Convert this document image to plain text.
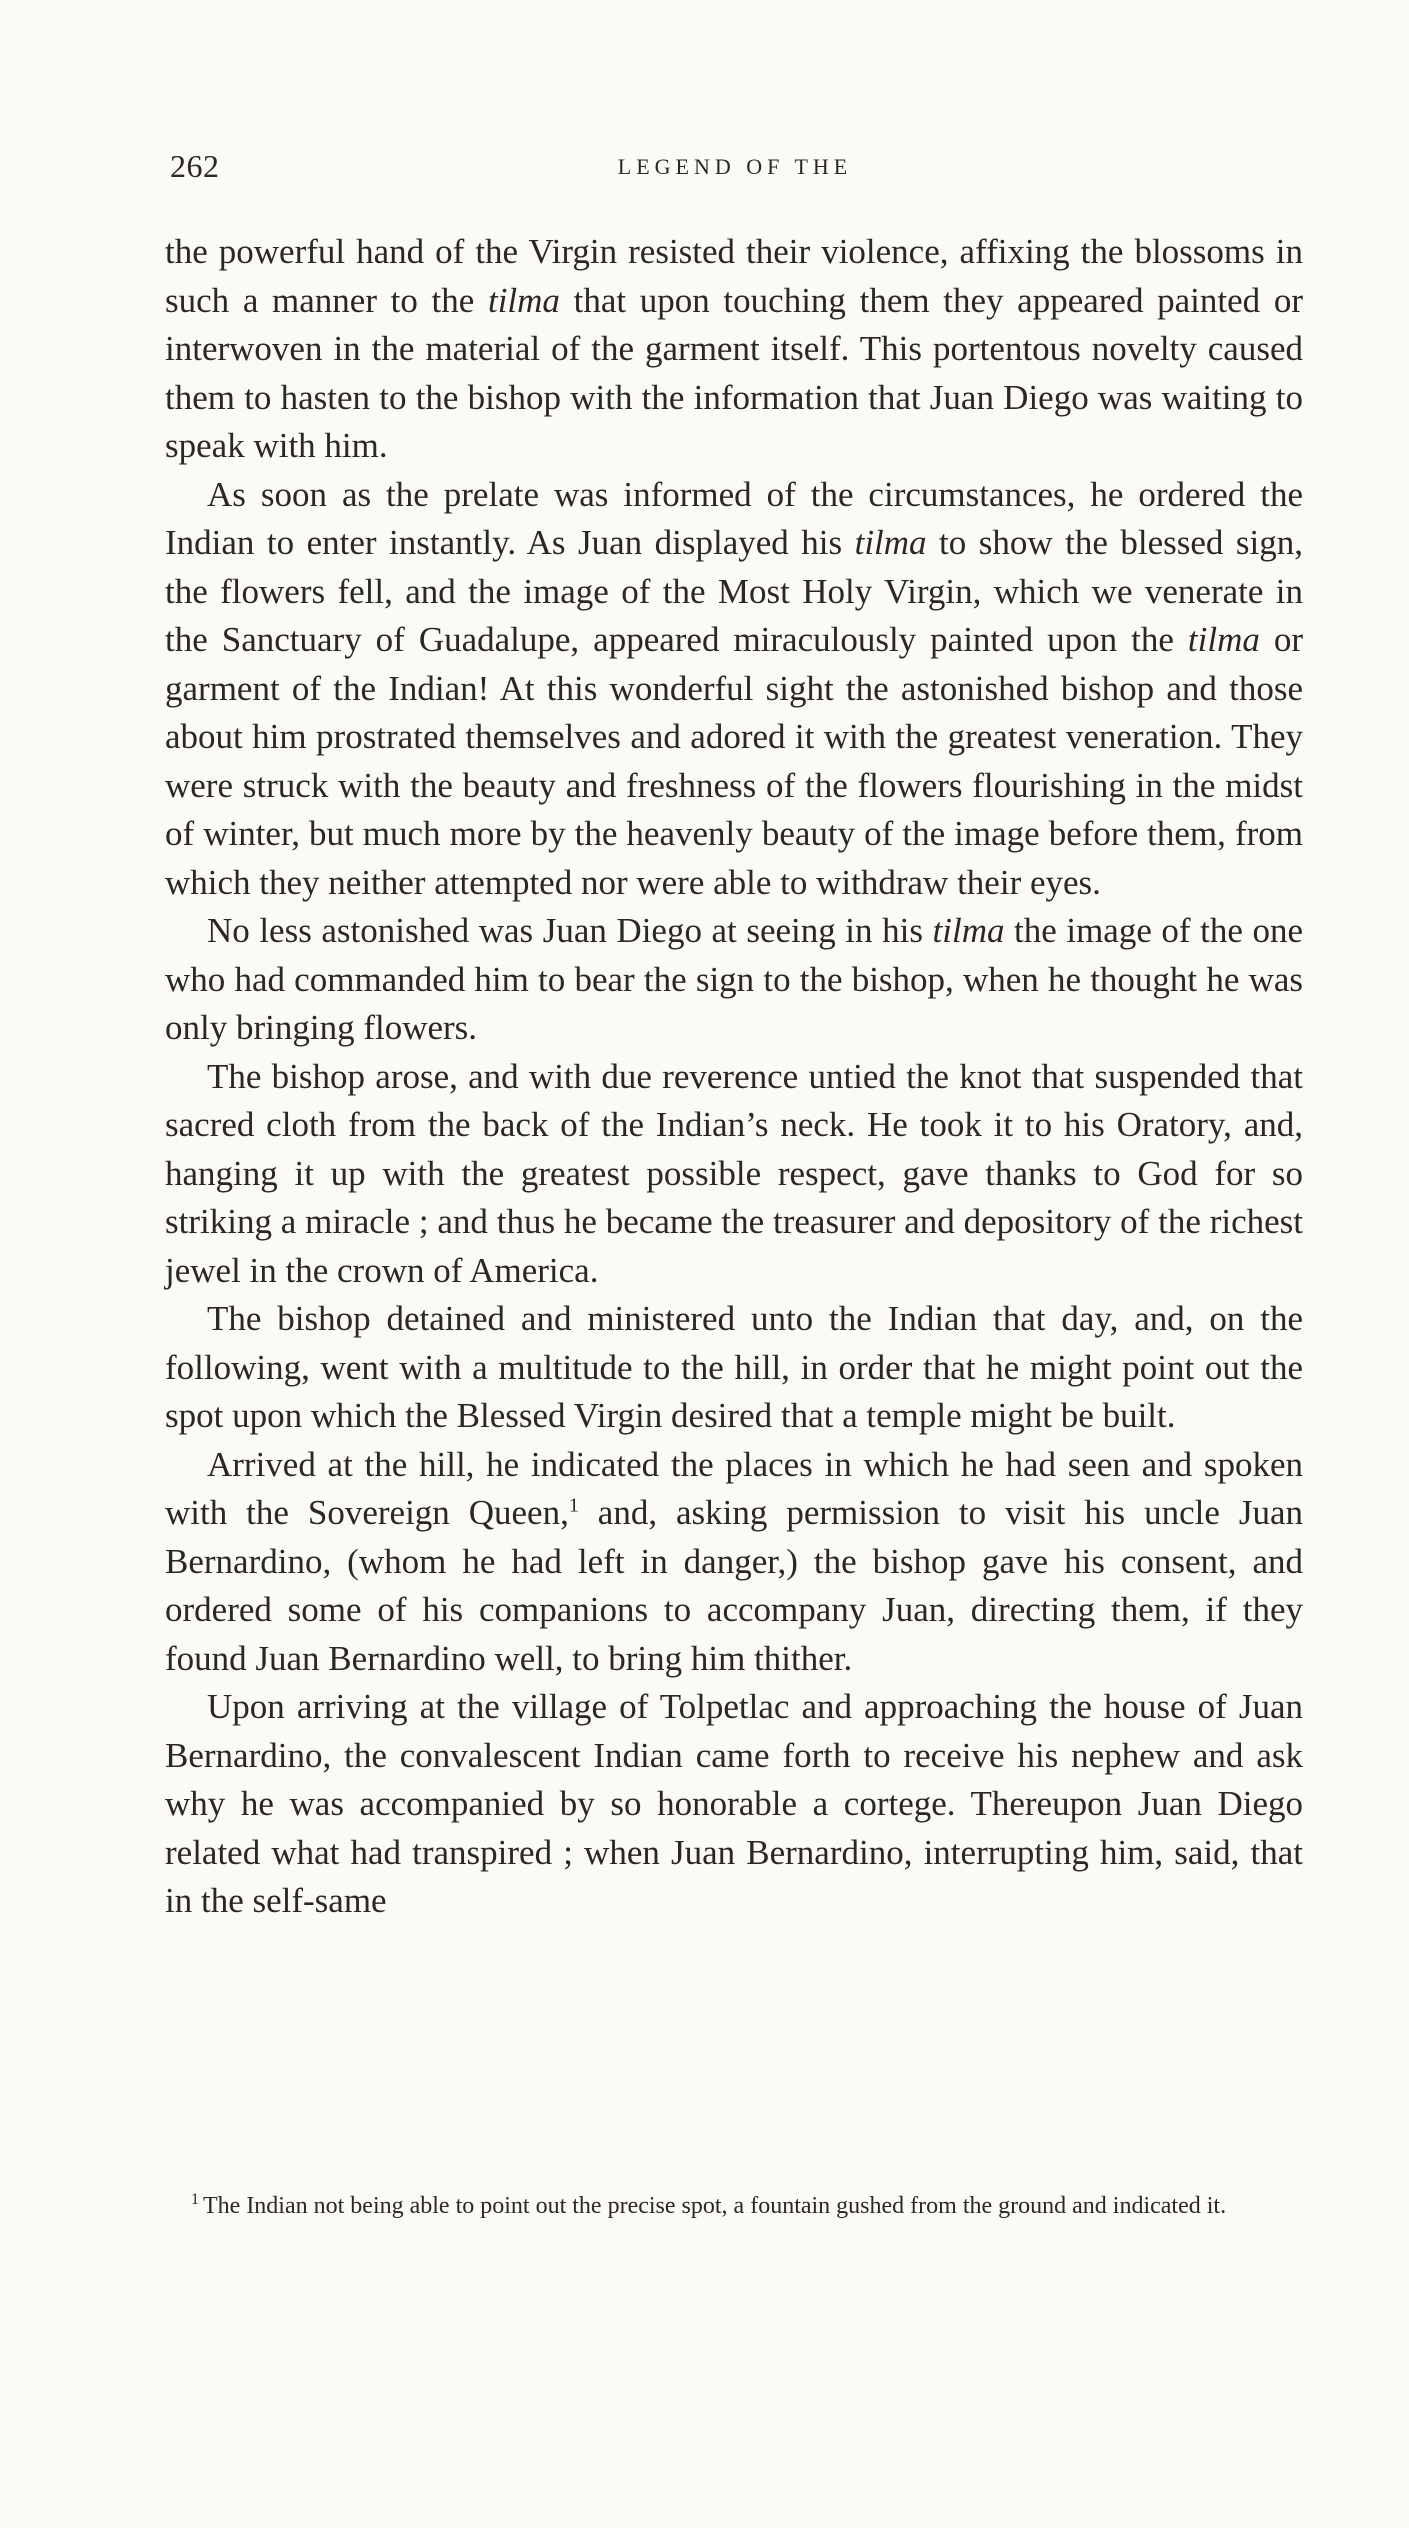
262	LEGEND OF THE

the powerful hand of the Virgin resisted their violence, affixing the blossoms in such a manner to the tilma that upon touching them they appeared painted or interwoven in the material of the garment itself. This portentous novelty caused them to hasten to the bishop with the information that Juan Diego was waiting to speak with him.

As soon as the prelate was informed of the circumstances, he ordered the Indian to enter instantly. As Juan displayed his tilma to show the blessed sign, the flowers fell, and the image of the Most Holy Virgin, which we venerate in the Sanctuary of Guadalupe, appeared miraculously painted upon the tilma or garment of the Indian! At this wonderful sight the astonished bishop and those about him prostrated themselves and adored it with the greatest veneration. They were struck with the beauty and freshness of the flowers flourishing in the midst of winter, but much more by the heavenly beauty of the image before them, from which they neither attempted nor were able to withdraw their eyes.

No less astonished was Juan Diego at seeing in his tilma the image of the one who had commanded him to bear the sign to the bishop, when he thought he was only bringing flowers.

The bishop arose, and with due reverence untied the knot that suspended that sacred cloth from the back of the Indian’s neck. He took it to his Oratory, and, hanging it up with the greatest possible respect, gave thanks to God for so striking a miracle ; and thus he became the treasurer and depository of the richest jewel in the crown of America.

The bishop detained and ministered unto the Indian that day, and, on the following, went with a multitude to the hill, in order that he might point out the spot upon which the Blessed Virgin desired that a temple might be built.

Arrived at the hill, he indicated the places in which he had seen and spoken with the Sovereign Queen,$^1$ and, asking permission to visit his uncle Juan Bernardino, (whom he had left in danger,) the bishop gave his consent, and ordered some of his companions to accompany Juan, directing them, if they found Juan Bernardino well, to bring him thither.

Upon arriving at the village of Tolpetlac and approaching the house of Juan Bernardino, the convalescent Indian came forth to receive his nephew and ask why he was accompanied by so honorable a cortege. Thereupon Juan Diego related what had transpired ; when Juan Bernardino, interrupting him, said, that in the self-same

$^1$ The Indian not being able to point out the precise spot, a fountain gushed from the ground and indicated it.
